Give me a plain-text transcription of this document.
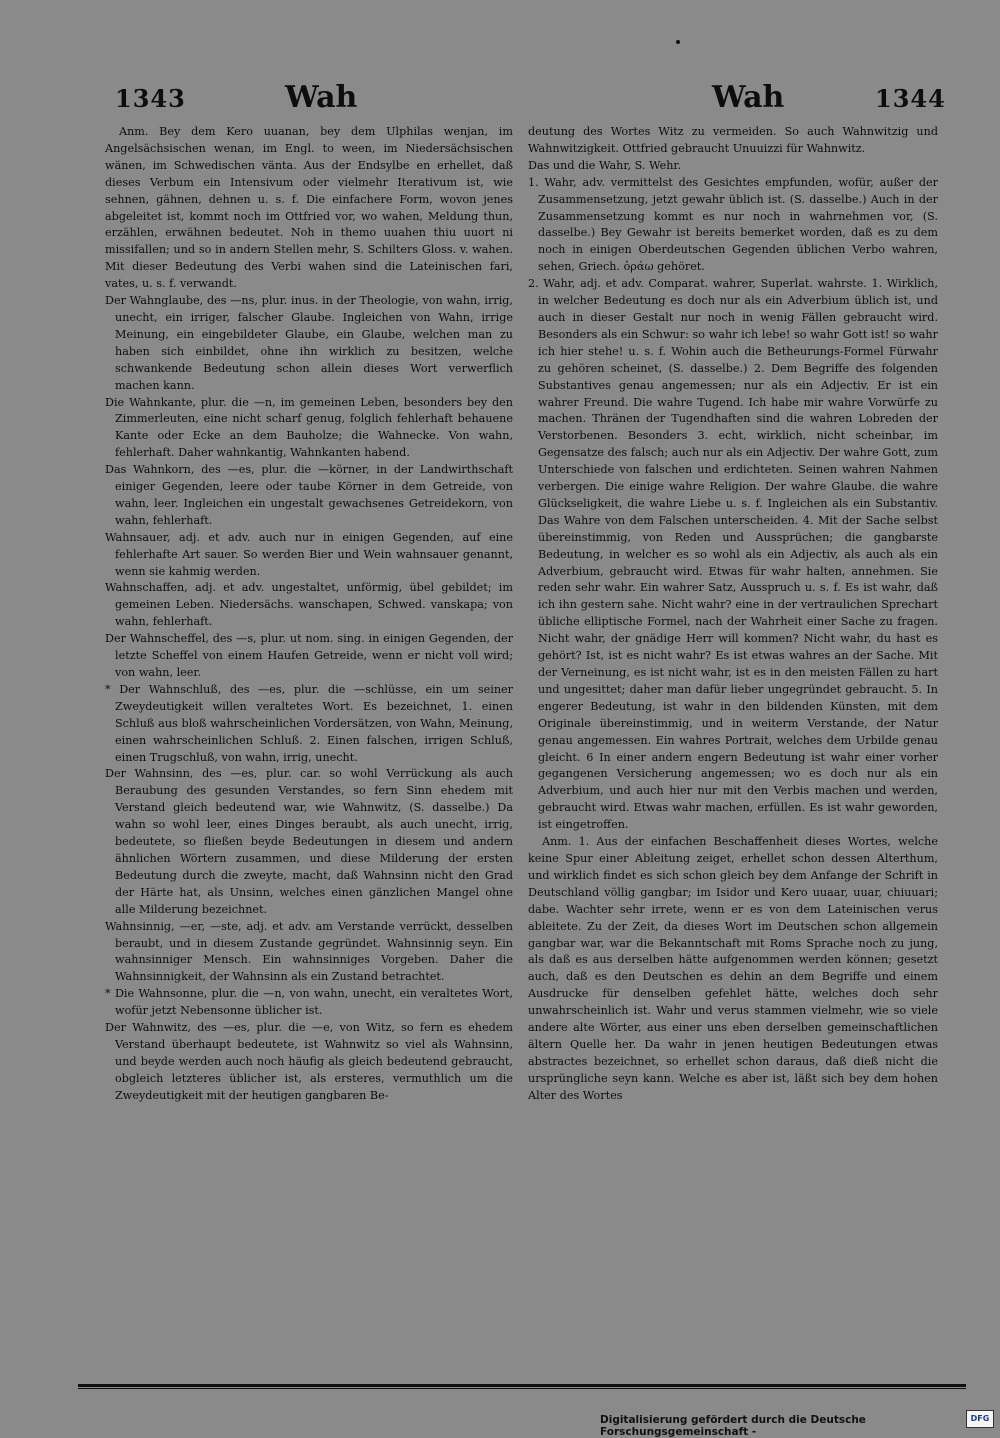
1343	Wah	Wah	1344

Anm. Bey dem Kero uuanan, bey dem Ulphilas wenjan, im Angelsächsischen wenan, im Engl. to ween, im Niedersächsischen wänen, im Schwedischen vänta. Aus der Endsylbe en erhellet, daß dieses Verbum ein Intensivum oder vielmehr Iterativum ist, wie sehnen, gähnen, dehnen u. s. f. Die einfachere Form, wovon jenes abgeleitet ist, kommt noch im Ottfried vor, wo wahen, Meldung thun, erzählen, erwähnen bedeutet. Noh in themo uuahen thiu uuort ni missifallen; und so in andern Stellen mehr, S. Schilters Gloss. v. wahen. Mit dieser Bedeutung des Verbi wahen sind die Lateinischen fari, vates, u. s. f. verwandt.

Der Wahnglaube, des —ns, plur. inus. in der Theologie, von wahn, irrig, unecht, ein irriger, falscher Glaube. Ingleichen von Wahn, irrige Meinung, ein eingebildeter Glaube, ein Glaube, welchen man zu haben sich einbildet, ohne ihn wirklich zu besitzen, welche schwankende Bedeutung schon allein dieses Wort verwerflich machen kann.

Die Wahnkante, plur. die —n, im gemeinen Leben, besonders bey den Zimmerleuten, eine nicht scharf genug, folglich fehlerhaft behauene Kante oder Ecke an dem Bauholze; die Wahnecke. Von wahn, fehlerhaft. Daher wahnkantig, Wahnkanten habend.

Das Wahnkorn, des —es, plur. die —körner, in der Landwirthschaft einiger Gegenden, leere oder taube Körner in dem Getreide, von wahn, leer. Ingleichen ein ungestalt gewachsenes Getreidekorn, von wahn, fehlerhaft.

Wahnsauer, adj. et adv. auch nur in einigen Gegenden, auf eine fehlerhafte Art sauer. So werden Bier und Wein wahnsauer genannt, wenn sie kahmig werden.

Wahnschaffen, adj. et adv. ungestaltet, unförmig, übel gebildet; im gemeinen Leben. Niedersächs. wanschapen, Schwed. vanskapa; von wahn, fehlerhaft.

Der Wahnscheffel, des —s, plur. ut nom. sing. in einigen Gegenden, der letzte Scheffel von einem Haufen Getreide, wenn er nicht voll wird; von wahn, leer.

* Der Wahnschluß, des —es, plur. die —schlüsse, ein um seiner Zweydeutigkeit willen veraltetes Wort. Es bezeichnet, 1. einen Schluß aus bloß wahrscheinlichen Vordersätzen, von Wahn, Meinung, einen wahrscheinlichen Schluß. 2. Einen falschen, irrigen Schluß, einen Trugschluß, von wahn, irrig, unecht.

Der Wahnsinn, des —es, plur. car. so wohl Verrückung als auch Beraubung des gesunden Verstandes, so fern Sinn ehedem mit Verstand gleich bedeutend war, wie Wahnwitz, (S. dasselbe.) Da wahn so wohl leer, eines Dinges beraubt, als auch unecht, irrig, bedeutete, so fließen beyde Bedeutungen in diesem und andern ähnlichen Wörtern zusammen, und diese Milderung der ersten Bedeutung durch die zweyte, macht, daß Wahnsinn nicht den Grad der Härte hat, als Unsinn, welches einen gänzlichen Mangel ohne alle Milderung bezeichnet.

Wahnsinnig, —er, —ste, adj. et adv. am Verstande verrückt, desselben beraubt, und in diesem Zustande gegründet. Wahnsinnig seyn. Ein wahnsinniger Mensch. Ein wahnsinniges Vorgeben. Daher die Wahnsinnigkeit, der Wahnsinn als ein Zustand betrachtet.

* Die Wahnsonne, plur. die —n, von wahn, unecht, ein veraltetes Wort, wofür jetzt Nebensonne üblicher ist.

Der Wahnwitz, des —es, plur. die —e, von Witz, so fern es ehedem Verstand überhaupt bedeutete, ist Wahnwitz so viel als Wahnsinn, und beyde werden auch noch häufig als gleich bedeutend gebraucht, obgleich letzteres üblicher ist, als ersteres, vermuthlich um die Zweydeutigkeit mit der heutigen gangbaren Be-

deutung des Wortes Witz zu vermeiden. So auch Wahnwitzig und Wahnwitzigkeit. Ottfried gebraucht Unuuizzi für Wahnwitz.

Das und die Wahr, S. Wehr.

1. Wahr, adv. vermittelst des Gesichtes empfunden, wofür, außer der Zusammensetzung, jetzt gewahr üblich ist. (S. dasselbe.) Auch in der Zusammensetzung kommt es nur noch in wahrnehmen vor, (S. dasselbe.) Bey Gewahr ist bereits bemerket worden, daß es zu dem noch in einigen Oberdeutschen Gegenden üblichen Verbo wahren, sehen, Griech. ὁράω gehöret.

2. Wahr, adj. et adv. Comparat. wahrer, Superlat. wahrste. 1. Wirklich, in welcher Bedeutung es doch nur als ein Adverbium üblich ist, und auch in dieser Gestalt nur noch in wenig Fällen gebraucht wird. Besonders als ein Schwur: so wahr ich lebe! so wahr Gott ist! so wahr ich hier stehe! u. s. f. Wohin auch die Betheurungs-Formel Fürwahr zu gehören scheinet, (S. dasselbe.) 2. Dem Begriffe des folgenden Substantives genau angemessen; nur als ein Adjectiv. Er ist ein wahrer Freund. Die wahre Tugend. Ich habe mir wahre Vorwürfe zu machen. Thränen der Tugendhaften sind die wahren Lobreden der Verstorbenen. Besonders 3. echt, wirklich, nicht scheinbar, im Gegensatze des falsch; auch nur als ein Adjectiv. Der wahre Gott, zum Unterschiede von falschen und erdichteten. Seinen wahren Nahmen verbergen. Die einige wahre Religion. Der wahre Glaube. die wahre Glückseligkeit, die wahre Liebe u. s. f. Ingleichen als ein Substantiv. Das Wahre von dem Falschen unterscheiden. 4. Mit der Sache selbst übereinstimmig, von Reden und Aussprüchen; die gangbarste Bedeutung, in welcher es so wohl als ein Adjectiv, als auch als ein Adverbium, gebraucht wird. Etwas für wahr halten, annehmen. Sie reden sehr wahr. Ein wahrer Satz, Ausspruch u. s. f. Es ist wahr, daß ich ihn gestern sahe. Nicht wahr? eine in der vertraulichen Sprechart übliche elliptische Formel, nach der Wahrheit einer Sache zu fragen. Nicht wahr, der gnädige Herr will kommen? Nicht wahr, du hast es gehört? Ist, ist es nicht wahr? Es ist etwas wahres an der Sache. Mit der Verneinung, es ist nicht wahr, ist es in den meisten Fällen zu hart und ungesittet; daher man dafür lieber ungegründet gebraucht. 5. In engerer Bedeutung, ist wahr in den bildenden Künsten, mit dem Originale übereinstimmig, und in weiterm Verstande, der Natur genau angemessen. Ein wahres Portrait, welches dem Urbilde genau gleicht. 6 In einer andern engern Bedeutung ist wahr einer vorher gegangenen Versicherung angemessen; wo es doch nur als ein Adverbium, und auch hier nur mit den Verbis machen und werden, gebraucht wird. Etwas wahr machen, erfüllen. Es ist wahr geworden, ist eingetroffen.

Anm. 1. Aus der einfachen Beschaffenheit dieses Wortes, welche keine Spur einer Ableitung zeiget, erhellet schon dessen Alterthum, und wirklich findet es sich schon gleich bey dem Anfange der Schrift in Deutschland völlig gangbar; im Isidor und Kero uuaar, uuar, chiuuari; dabe. Wachter sehr irrete, wenn er es von dem Lateinischen verus ableitete. Zu der Zeit, da dieses Wort im Deutschen schon allgemein gangbar war, war die Bekanntschaft mit Roms Sprache noch zu jung, als daß es aus derselben hätte aufgenommen werden können; gesetzt auch, daß es den Deutschen es dehin an dem Begriffe und einem Ausdrucke für denselben gefehlet hätte, welches doch sehr unwahrscheinlich ist. Wahr und verus stammen vielmehr, wie so viele andere alte Wörter, aus einer uns eben derselben gemeinschaftlichen ältern Quelle her. Da wahr in jenen heutigen Bedeutungen etwas abstractes bezeichnet, so erhellet schon daraus, daß dieß nicht die ursprüngliche seyn kann. Welche es aber ist, läßt sich bey dem hohen Alter des Wortes

Digitalisierung gefördert durch die Deutsche Forschungsgemeinschaft -
DFG
